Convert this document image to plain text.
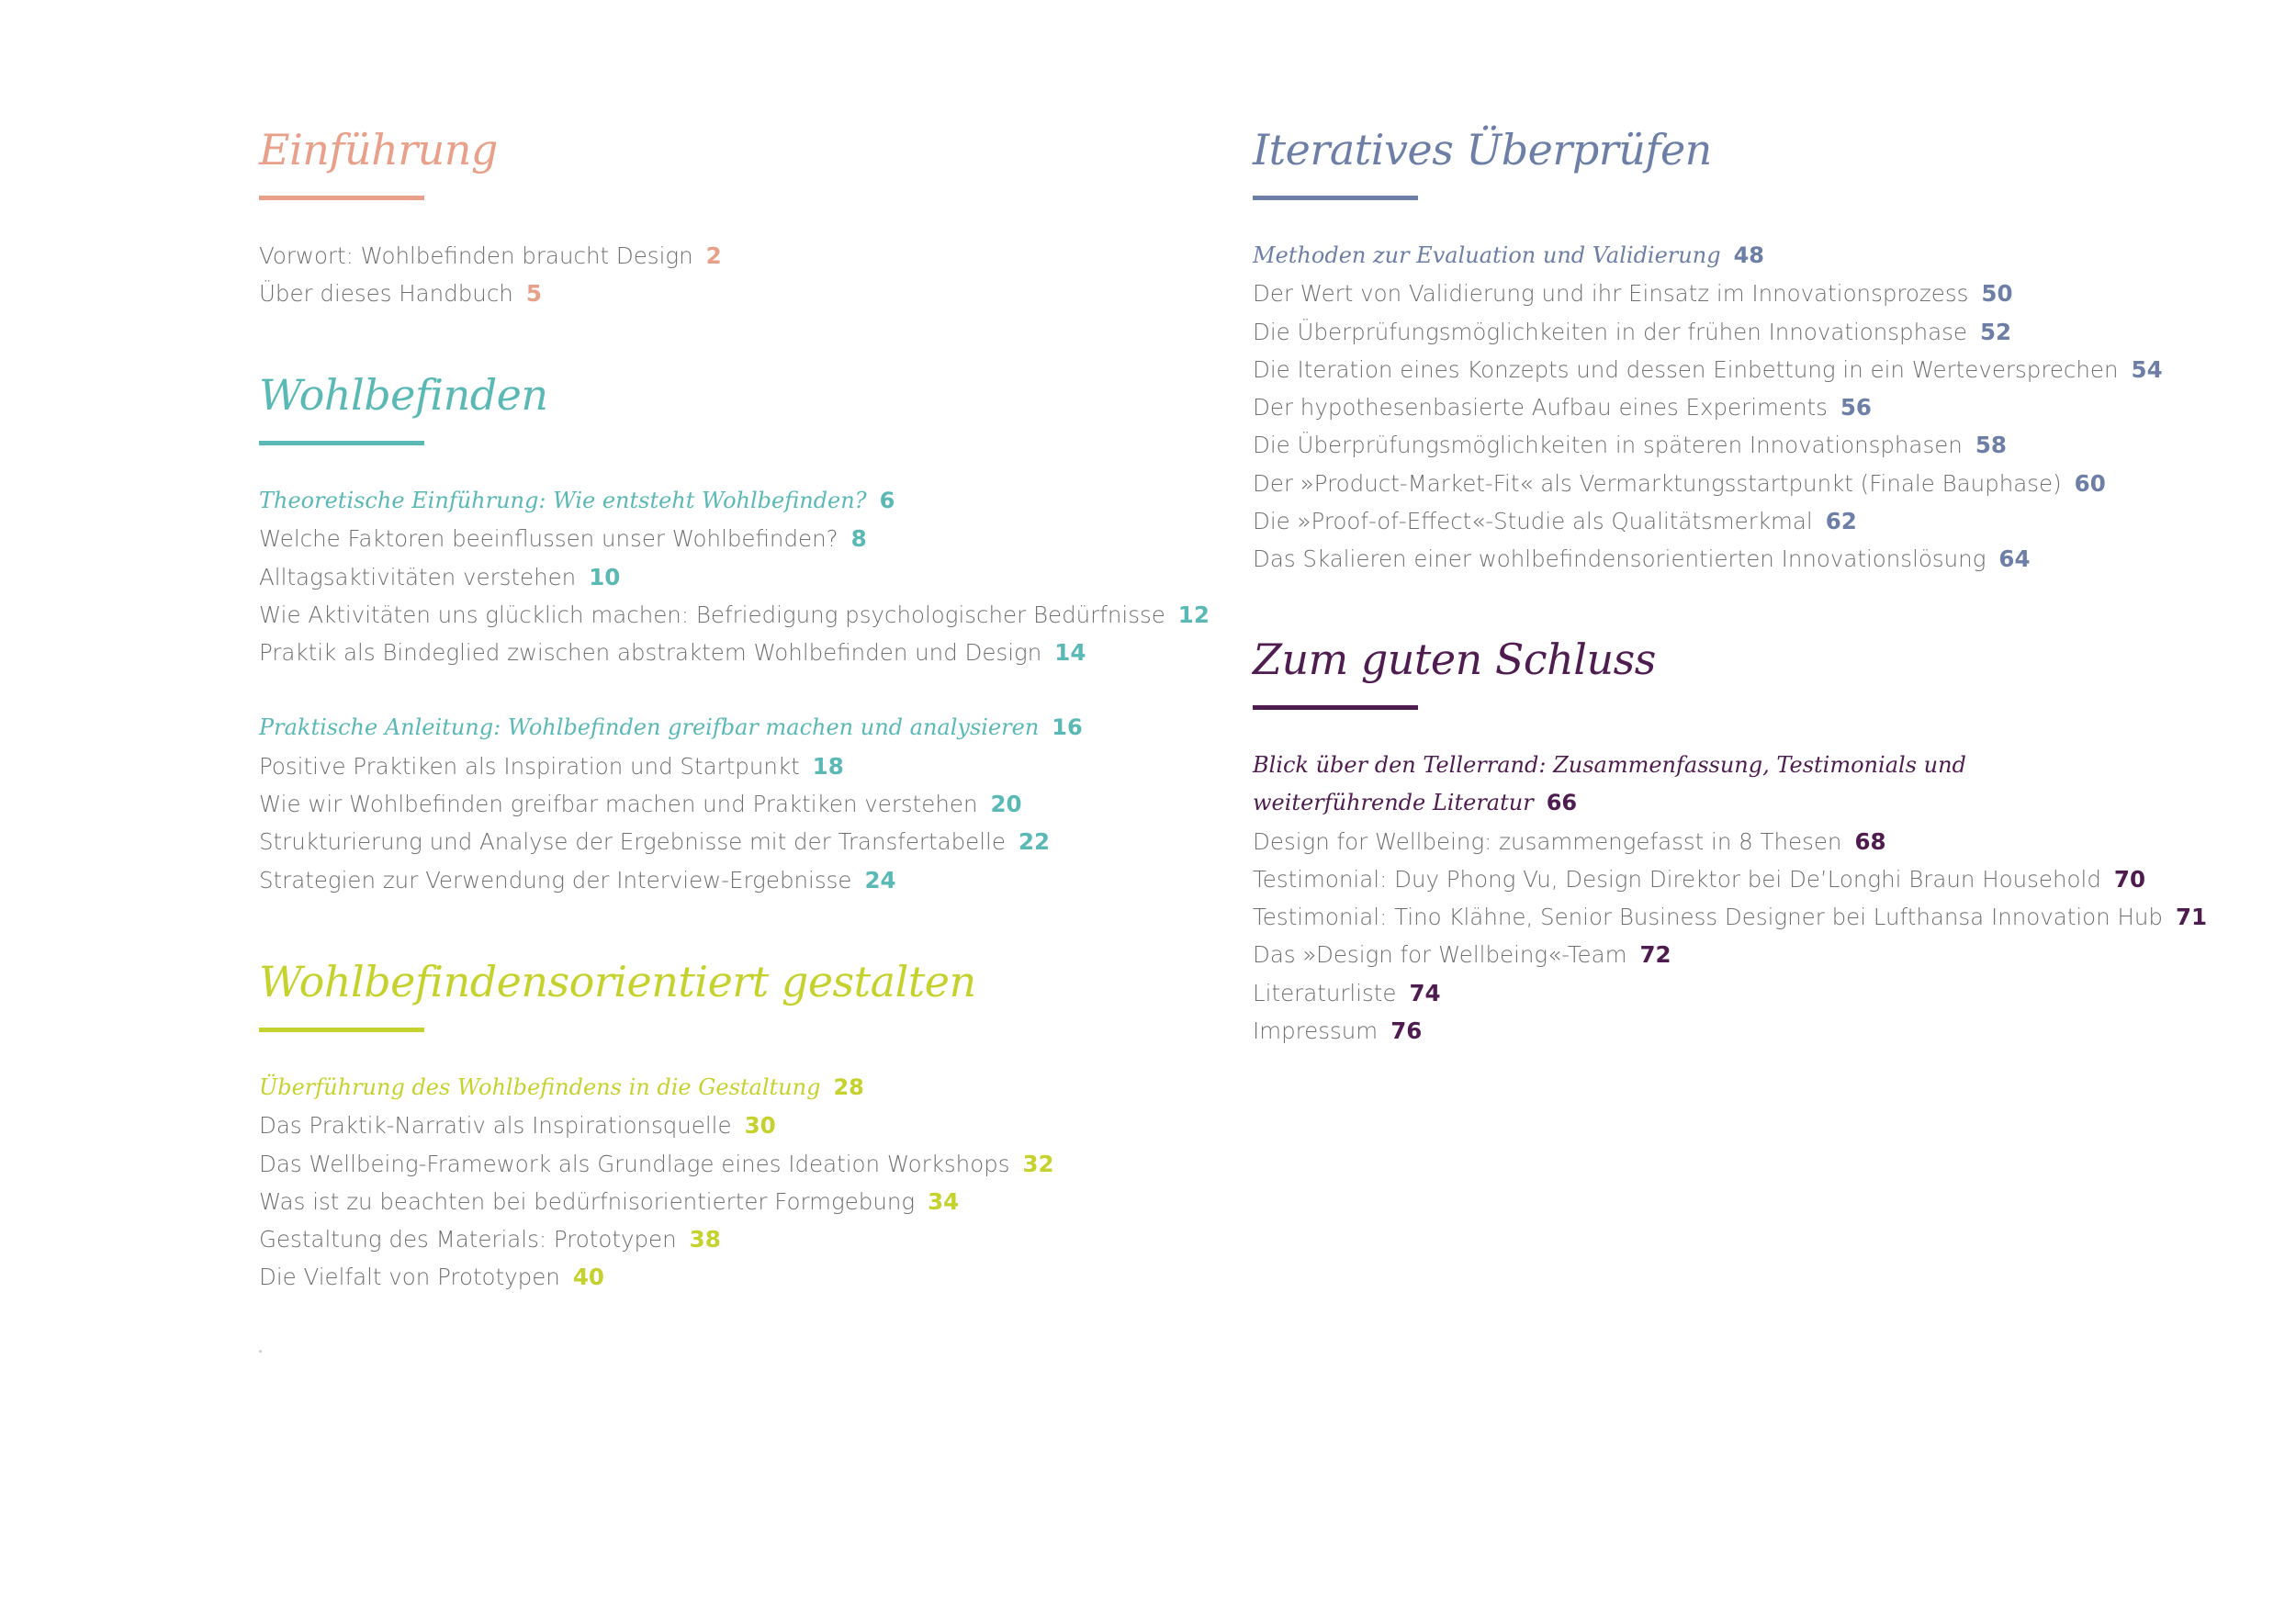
Einführung
Vorwort: Wohlbefinden braucht Design 2
Über dieses Handbuch 5
Wohlbefinden
Theoretische Einführung: Wie entsteht Wohlbefinden? 6
Welche Faktoren beeinflussen unser Wohlbefinden? 8
Alltagsaktivitäten verstehen 10
Wie Aktivitäten uns glücklich machen: Befriedigung psychologischer Bedürfnisse 12
Praktik als Bindeglied zwischen abstraktem Wohlbefinden und Design 14
Praktische Anleitung: Wohlbefinden greifbar machen und analysieren 16
Positive Praktiken als Inspiration und Startpunkt 18
Wie wir Wohlbefinden greifbar machen und Praktiken verstehen 20
Strukturierung und Analyse der Ergebnisse mit der Transfertabelle 22
Strategien zur Verwendung der Interview-Ergebnisse 24
Wohlbefindensorientiert gestalten
Überführung des Wohlbefindens in die Gestaltung 28
Das Praktik-Narrativ als Inspirationsquelle 30
Das Wellbeing-Framework als Grundlage eines Ideation Workshops 32
Was ist zu beachten bei bedürfnisorientierter Formgebung 34
Gestaltung des Materials: Prototypen 38
Die Vielfalt von Prototypen 40
Iteratives Überprüfen
Methoden zur Evaluation und Validierung 48
Der Wert von Validierung und ihr Einsatz im Innovationsprozess 50
Die Überprüfungsmöglichkeiten in der frühen Innovationsphase 52
Die Iteration eines Konzepts und dessen Einbettung in ein Werteversprechen 54
Der hypothesenbasierte Aufbau eines Experiments 56
Die Überprüfungsmöglichkeiten in späteren Innovationsphasen 58
Der »Product-Market-Fit« als Vermarktungsstartpunkt (Finale Bauphase) 60
Die »Proof-of-Effect«-Studie als Qualitätsmerkmal 62
Das Skalieren einer wohlbefindensorientierten Innovationslösung 64
Zum guten Schluss
Blick über den Tellerrand: Zusammenfassung, Testimonials und
weiterführende Literatur 66
Design for Wellbeing: zusammengefasst in 8 Thesen 68
Testimonial: Duy Phong Vu, Design Direktor bei De’Longhi Braun Household 70
Testimonial: Tino Klähne, Senior Business Designer bei Lufthansa Innovation Hub 71
Das »Design for Wellbeing«-Team 72
Literaturliste 74
Impressum 76
